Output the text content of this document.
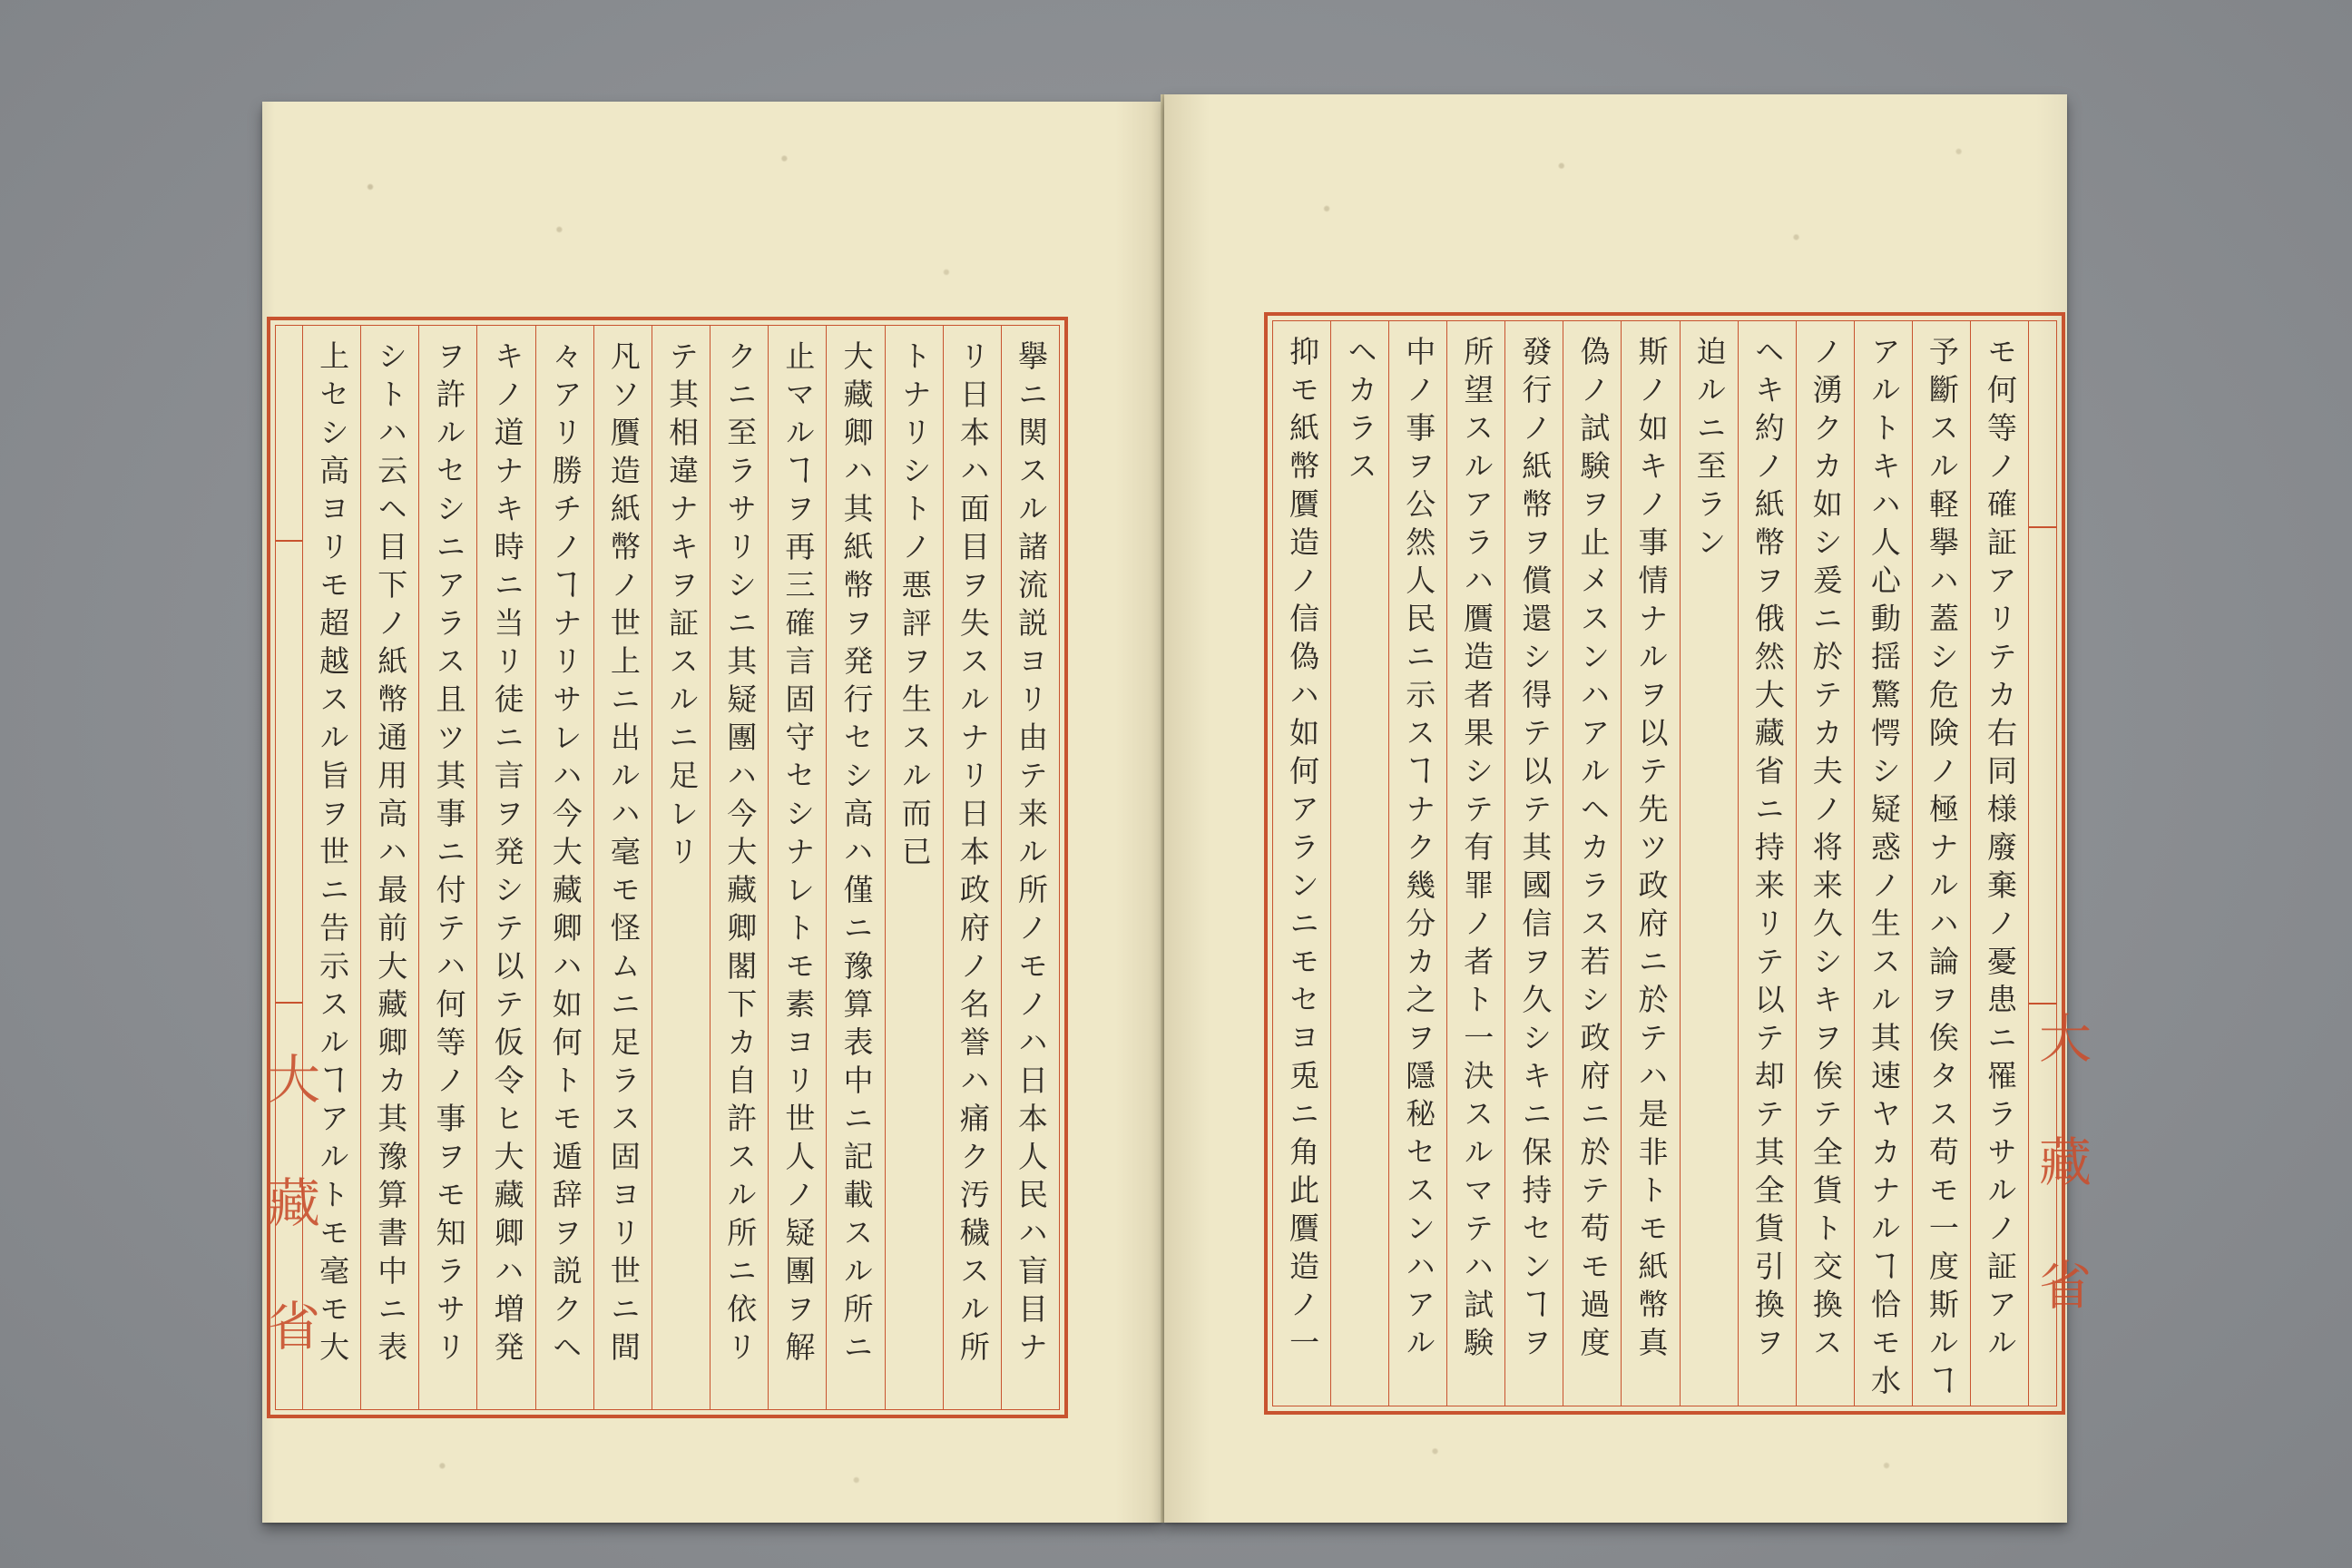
擧ニ関スル諸流説ヨリ由テ来ル所ノモノハ日本人民ハ盲目ナ
リ日本ハ面目ヲ失スルナリ日本政府ノ名誉ハ痛ク汚穢スル所
トナリシトノ悪評ヲ生スル而已
大藏卿ハ其紙幣ヲ発行セシ高ハ僅ニ豫算表中ニ記載スル所ニ
止マルヿヲ再三確言固守セシナレトモ素ヨリ世人ノ疑團ヲ解
クニ至ラサリシニ其疑團ハ今大藏卿閣下カ自許スル所ニ依リ
テ其相違ナキヲ証スルニ足レリ
凡ソ贋造紙幣ノ世上ニ出ルハ毫モ怪ムニ足ラス固ヨリ世ニ間
々アリ勝チノヿナリサレハ今大藏卿ハ如何トモ遁辞ヲ説クヘ
キノ道ナキ時ニ当リ徒ニ言ヲ発シテ以テ仮令ヒ大藏卿ハ増発
ヲ許ルセシニアラス且ツ其事ニ付テハ何等ノ事ヲモ知ラサリ
シトハ云ヘ目下ノ紙幣通用高ハ最前大藏卿カ其豫算書中ニ表
上セシ高ヨリモ超越スル旨ヲ世ニ告示スルヿアルトモ毫モ大
大藏省	大藏省
モ何等ノ確証アリテカ右同様廢棄ノ憂患ニ罹ラサルノ証アル
予斷スル軽擧ハ蓋シ危険ノ極ナルハ論ヲ俟タス苟モ一度斯ルヿ
アルトキハ人心動揺驚愕シ疑惑ノ生スル其速ヤカナルヿ恰モ水
ノ湧クカ如シ爰ニ於テカ夫ノ将来久シキヲ俟テ全貨ト交換ス
ヘキ約ノ紙幣ヲ俄然大藏省ニ持来リテ以テ却テ其全貨引換ヲ
迫ルニ至ラン
斯ノ如キノ事情ナルヲ以テ先ツ政府ニ於テハ是非トモ紙幣真
偽ノ試験ヲ止メスンハアルヘカラス若シ政府ニ於テ苟モ過度
發行ノ紙幣ヲ償還シ得テ以テ其國信ヲ久シキニ保持センヿヲ
所望スルアラハ贋造者果シテ有罪ノ者ト一決スルマテハ試験
中ノ事ヲ公然人民ニ示スヿナク幾分カ之ヲ隱秘セスンハアル
ヘカラス
抑モ紙幣贋造ノ信偽ハ如何アランニモセヨ兎ニ角此贋造ノ一
